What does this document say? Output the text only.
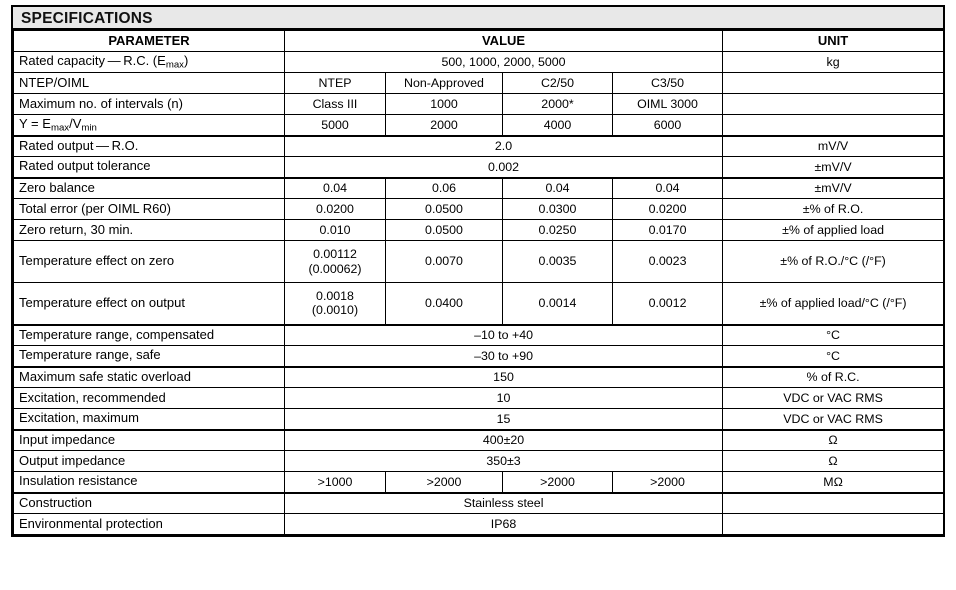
SPECIFICATIONS
PARAMETER	VALUE				UNIT
Rated capacity — R.C. $(E_{max})$	500, 1000, 2000, 5000				kg
NTEP/OIML	NTEP	Non-Approved	C2/50	C3/50	
Maximum no. of intervals (n)	Class III	1000	2000*	OIML 3000	
$Y = E_{max}/V_{min}$	5000	2000	4000	6000	
Rated output — R.O.	2.0				mV/V
Rated output tolerance	0.002				±mV/V
Zero balance	0.04	0.06	0.04	0.04	±mV/V
Total error (per OIML R60)	0.0200	0.0500	0.0300	0.0200	±% of R.O.
Zero return, 30 min.	0.010	0.0500	0.0250	0.0170	±% of applied load
Temperature effect on zero	0.00112
(0.00062)	0.0070	0.0035	0.0023	±% of R.O./°C (/°F)
Temperature effect on output	0.0018
(0.0010)	0.0400	0.0014	0.0012	±% of applied load/°C (/°F)
Temperature range, compensated	–10 to +40				°C
Temperature range, safe	–30 to +90				°C
Maximum safe static overload	150				% of R.C.
Excitation, recommended	10				VDC or VAC RMS
Excitation, maximum	15				VDC or VAC RMS
Input impedance	400±20				Ω
Output impedance	350±3				Ω
Insulation resistance	>1000	>2000	>2000	>2000	MΩ
Construction	Stainless steel				
Environmental protection	IP68				
